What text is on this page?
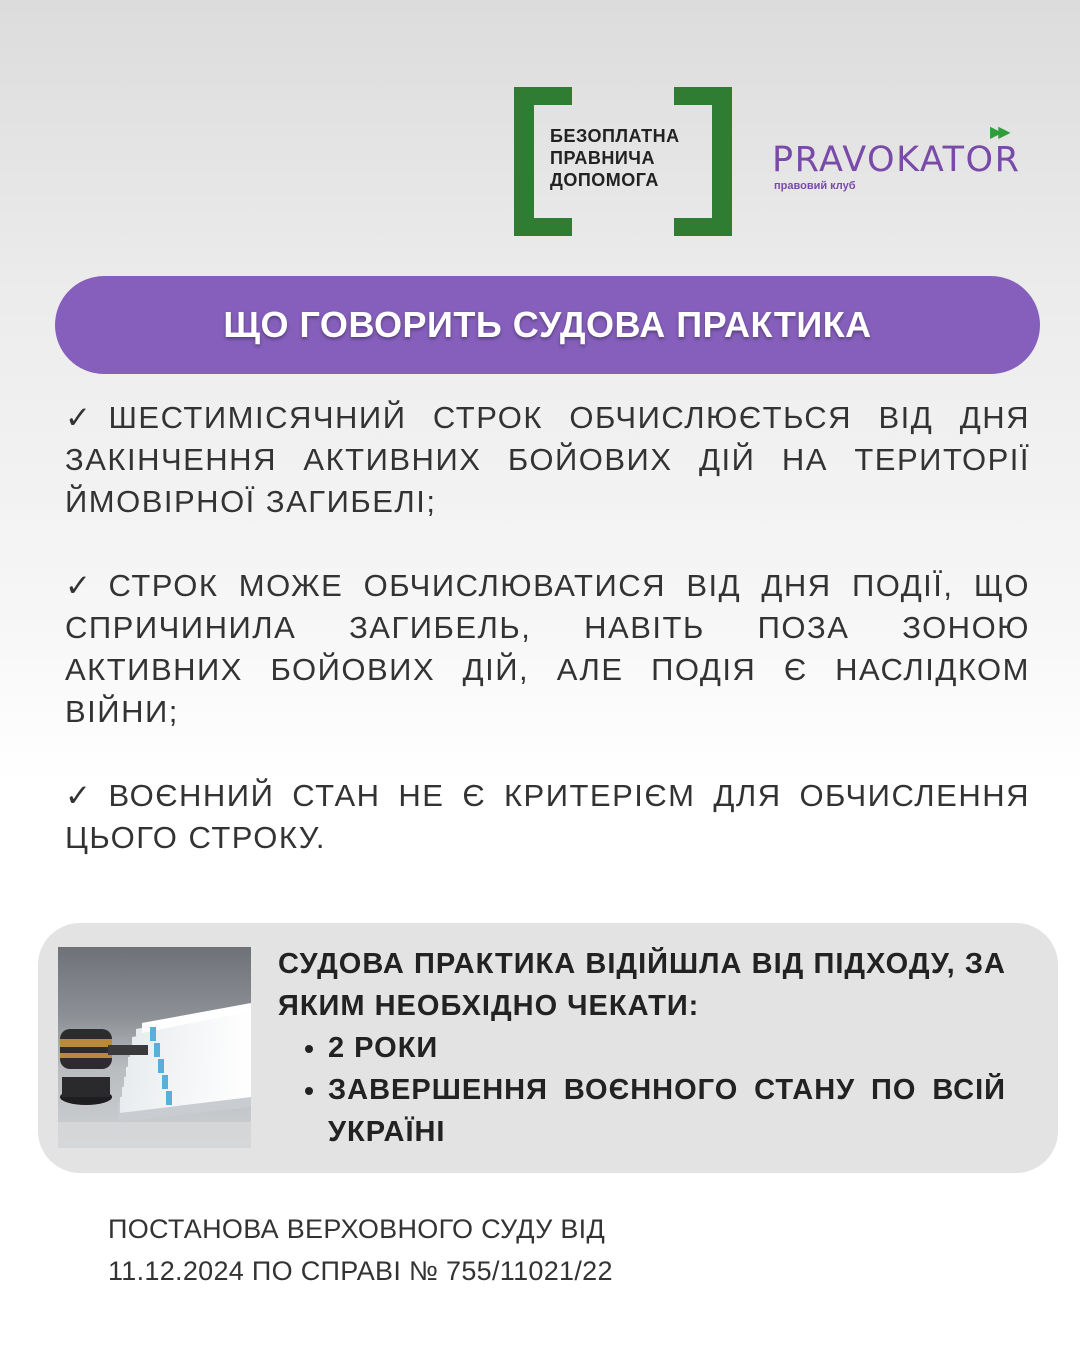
БЕЗОПЛАТНА
ПРАВНИЧА
ДОПОМОГА
▶▶
PRAVOKATOR
правовий клуб
ЩО ГОВОРИТЬ СУДОВА ПРАКТИКА
✓ ШЕСТИМІСЯЧНИЙ СТРОК ОБЧИСЛЮЄТЬСЯ ВІД ДНЯ ЗАКІНЧЕННЯ АКТИВНИХ БОЙОВИХ ДІЙ НА ТЕРИТОРІЇ ЙМОВІРНОЇ ЗАГИБЕЛІ;
✓ СТРОК МОЖЕ ОБЧИСЛЮВАТИСЯ ВІД ДНЯ ПОДІЇ, ЩО СПРИЧИНИЛА ЗАГИБЕЛЬ, НАВІТЬ ПОЗА ЗОНОЮ АКТИВНИХ БОЙОВИХ ДІЙ, АЛЕ ПОДІЯ Є НАСЛІДКОМ ВІЙНИ;
✓ ВОЄННИЙ СТАН НЕ Є КРИТЕРІЄМ ДЛЯ ОБЧИСЛЕННЯ ЦЬОГО СТРОКУ.
СУДОВА ПРАКТИКА ВІДІЙШЛА ВІД ПІДХОДУ, ЗА ЯКИМ НЕОБХІДНО ЧЕКАТИ:
• 2 РОКИ
• ЗАВЕРШЕННЯ ВОЄННОГО СТАНУ ПО ВСІЙ УКРАЇНІ
ПОСТАНОВА ВЕРХОВНОГО СУДУ ВІД
11.12.2024 ПО СПРАВІ № 755/11021/22
